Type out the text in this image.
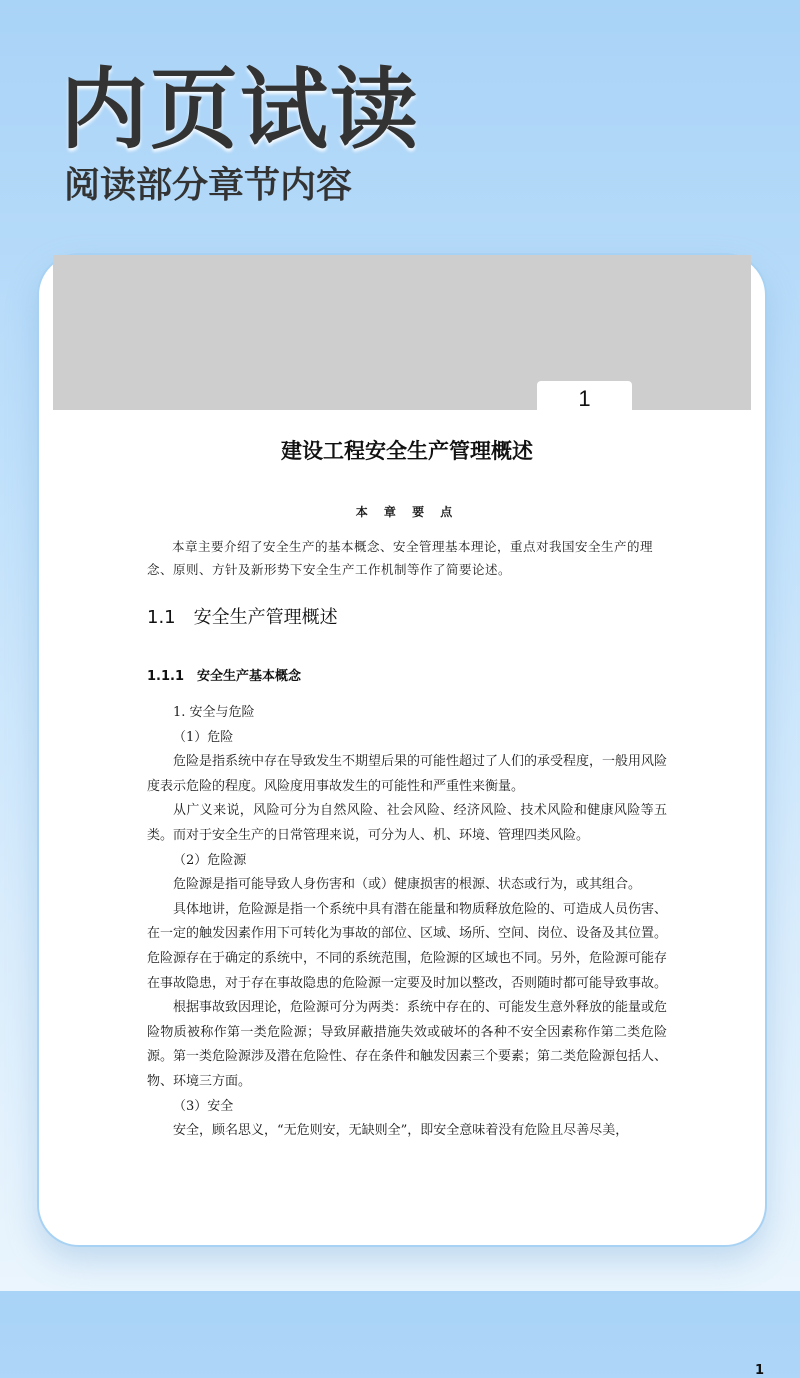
内页试读
阅读部分章节内容
1
建设工程安全生产管理概述
本 章 要 点
本章主要介绍了安全生产的基本概念、安全管理基本理论，重点对我国安全生产的理念、原则、方针及新形势下安全生产工作机制等作了简要论述。
1.1　安全生产管理概述
1.1.1　安全生产基本概念

1. 安全与危险

（1）危险

危险是指系统中存在导致发生不期望后果的可能性超过了人们的承受程度，一般用风险度表示危险的程度。风险度用事故发生的可能性和严重性来衡量。

从广义来说，风险可分为自然风险、社会风险、经济风险、技术风险和健康风险等五类。而对于安全生产的日常管理来说，可分为人、机、环境、管理四类风险。

（2）危险源

危险源是指可能导致人身伤害和（或）健康损害的根源、状态或行为，或其组合。

具体地讲，危险源是指一个系统中具有潜在能量和物质释放危险的、可造成人员伤害、在一定的触发因素作用下可转化为事故的部位、区域、场所、空间、岗位、设备及其位置。危险源存在于确定的系统中，不同的系统范围，危险源的区域也不同。另外，危险源可能存在事故隐患，对于存在事故隐患的危险源一定要及时加以整改，否则随时都可能导致事故。

根据事故致因理论，危险源可分为两类：系统中存在的、可能发生意外释放的能量或危险物质被称作第一类危险源；导致屏蔽措施失效或破坏的各种不安全因素称作第二类危险源。第一类危险源涉及潜在危险性、存在条件和触发因素三个要素；第二类危险源包括人、物、环境三方面。

（3）安全

安全，顾名思义，“无危则安，无缺则全”，即安全意味着没有危险且尽善尽美，

1
